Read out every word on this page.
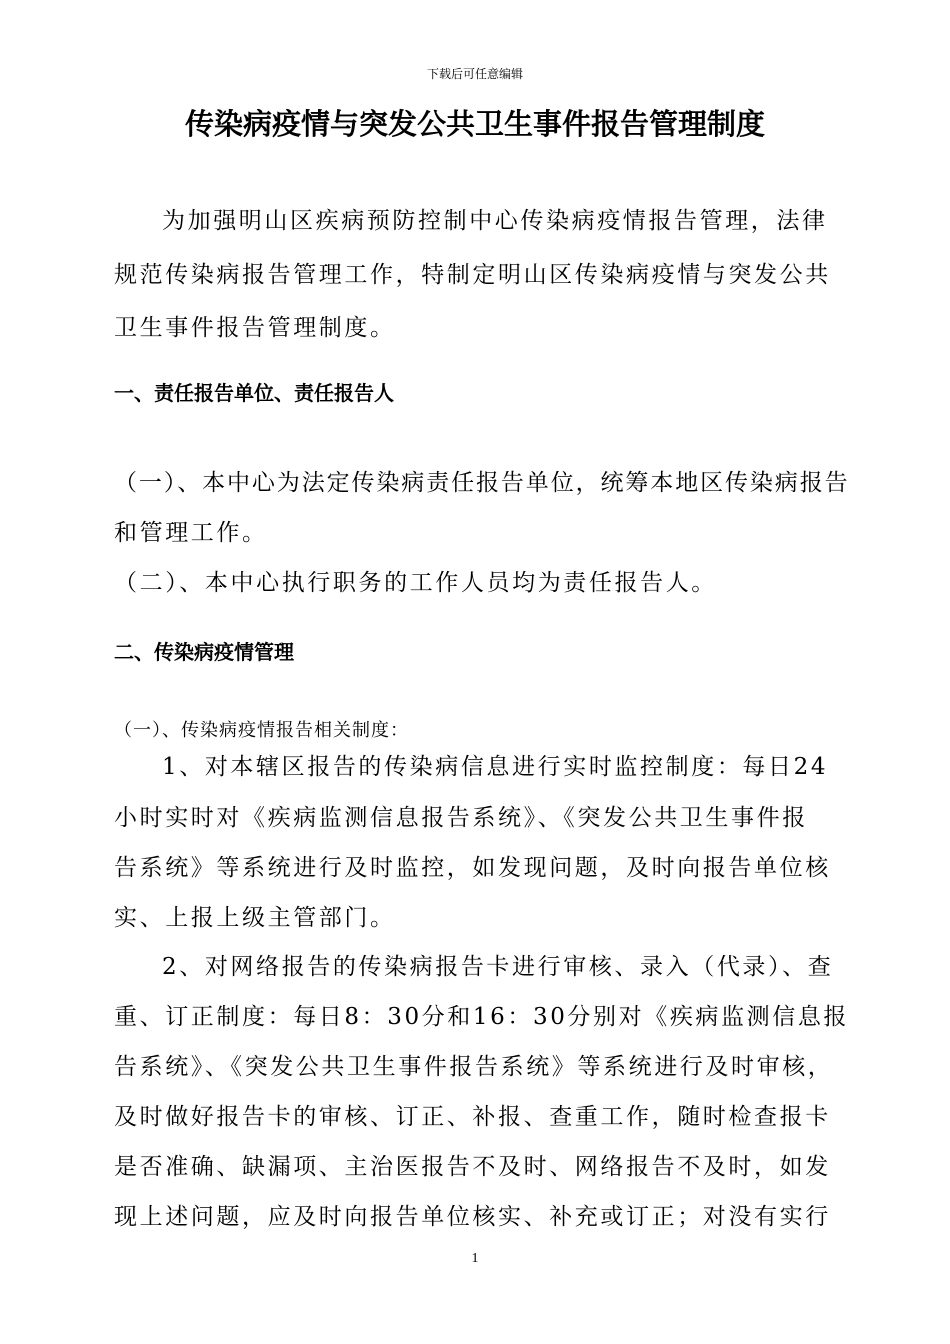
下载后可任意编辑
传染病疫情与突发公共卫生事件报告管理制度
为加强明山区疾病预防控制中心传染病疫情报告管理，法律
规范传染病报告管理工作，特制定明山区传染病疫情与突发公共
卫生事件报告管理制度。
一、责任报告单位、责任报告人
（一）、本中心为法定传染病责任报告单位，统筹本地区传染病报告
和管理工作。
（二）、本中心执行职务的工作人员均为责任报告人。
二、传染病疫情管理
（一）、传染病疫情报告相关制度：
1、对本辖区报告的传染病信息进行实时监控制度：每日24
小时实时对《疾病监测信息报告系统》、《突发公共卫生事件报
告系统》等系统进行及时监控，如发现问题，及时向报告单位核
实、上报上级主管部门。
2、对网络报告的传染病报告卡进行审核、录入（代录）、查
重、订正制度：每日8：30分和16：30分别对《疾病监测信息报
告系统》、《突发公共卫生事件报告系统》等系统进行及时审核，
及时做好报告卡的审核、订正、补报、查重工作，随时检查报卡
是否准确、缺漏项、主治医报告不及时、网络报告不及时，如发
现上述问题，应及时向报告单位核实、补充或订正；对没有实行
1
